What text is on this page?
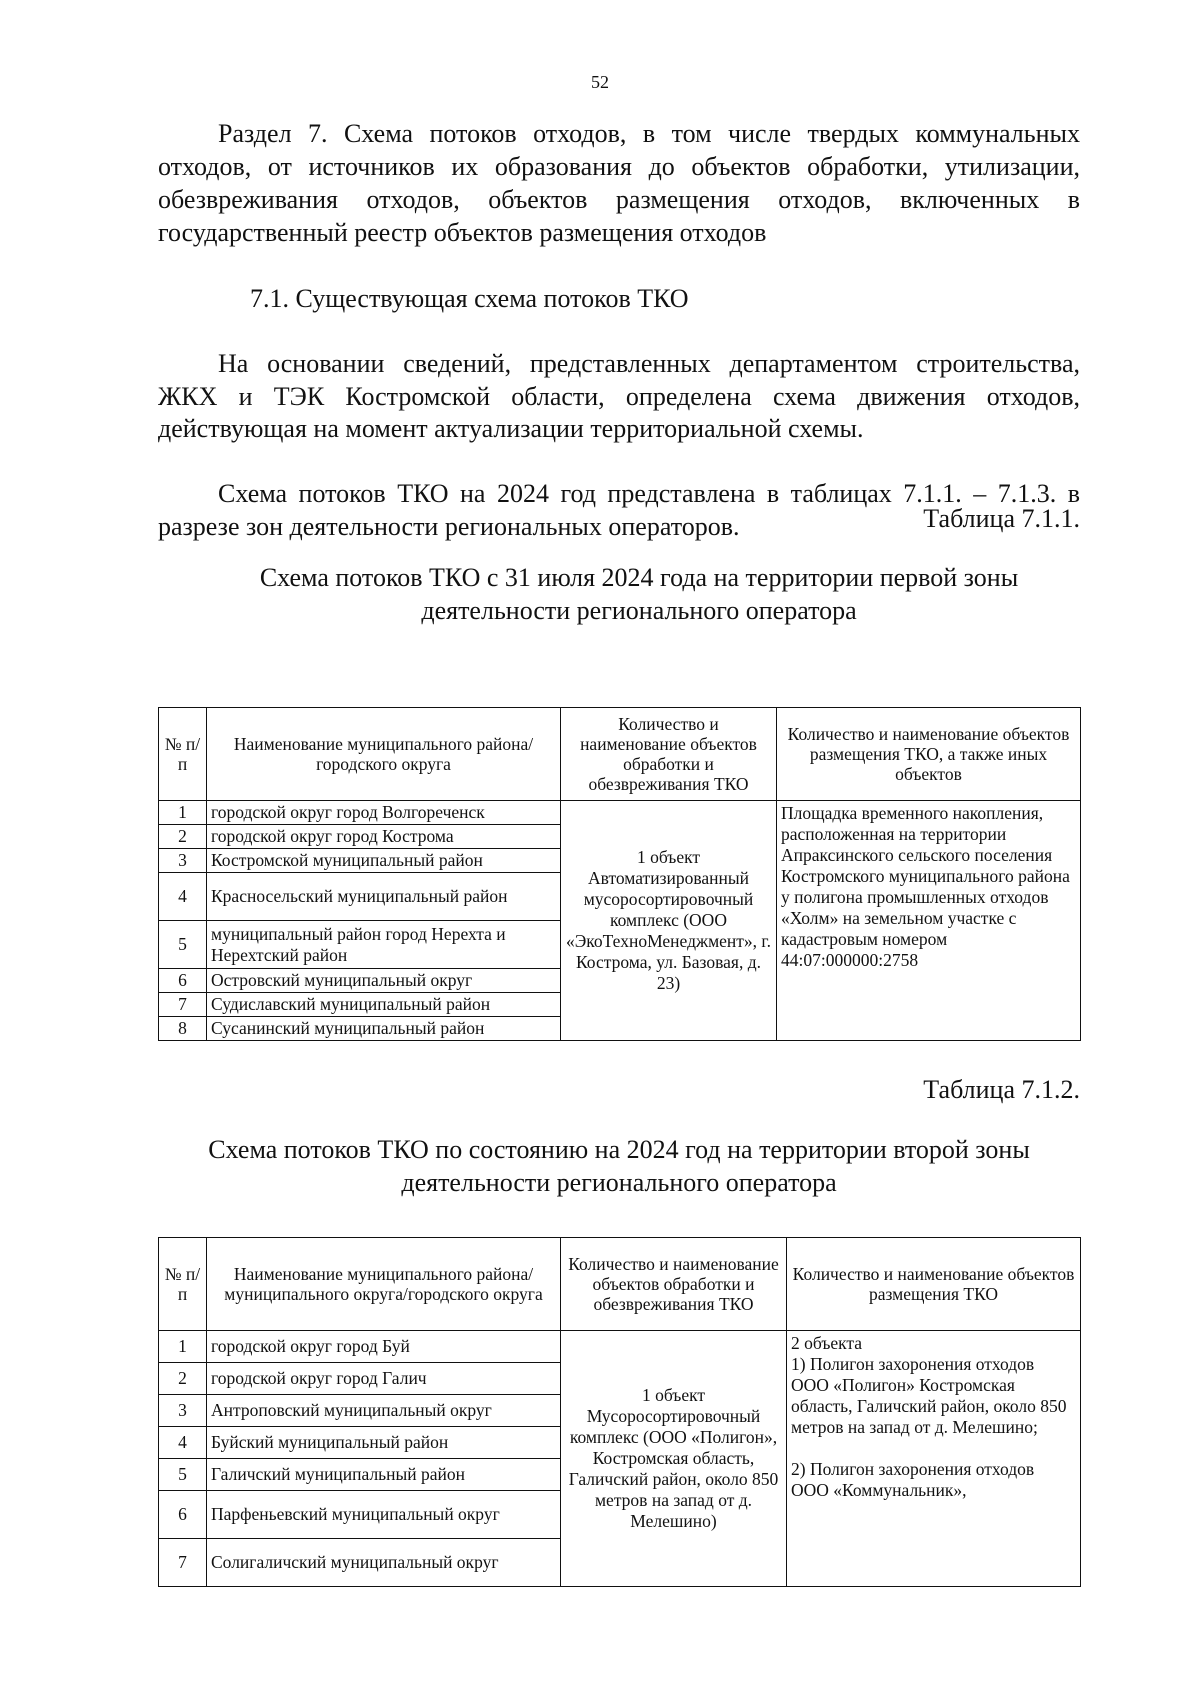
52
Раздел 7. Схема потоков отходов, в том числе твердых коммунальных отходов, от источников их образования до объектов обработки, утилизации, обезвреживания отходов, объектов размещения отходов, включенных в государственный реестр объектов размещения отходов
7.1. Существующая схема потоков ТКО

На основании сведений, представленных департаментом строительства, ЖКХ и ТЭК Костромской области, определена схема движения отходов, действующая на момент актуализации территориальной схемы.

Схема потоков ТКО на 2024 год представлена в таблицах 7.1.1. – 7.1.3. в разрезе зон деятельности региональных операторов.	Таблица 7.1.1.
Схема потоков ТКО с 31 июля 2024 года на территории первой зоны деятельности регионального оператора
№ п/п	Наименование муниципального района/ городского округа	Количество и наименование объектов обработки и обезвреживания ТКО	Количество и наименование объектов размещения ТКО, а также иных объектов
1	городской округ город Волгореченск	1 объект Автоматизированный мусоросортировочный комплекс (ООО «ЭкоТехноМенеджмент», г. Кострома, ул. Базовая, д. 23)	Площадка временного накопления, расположенная на территории Апраксинского сельского поселения Костромского муниципального района у полигона промышленных отходов «Холм» на земельном участке с кадастровым номером 44:07:000000:2758
2	городской округ город Кострома		
3	Костромской муниципальный район		
4	Красносельский муниципальный район		
5	муниципальный район город Нерехта и Нерехтский район		
6	Островский муниципальный округ		
7	Судиславский муниципальный район		
8	Сусанинский муниципальный район		
Таблица 7.1.2.
Схема потоков ТКО по состоянию на 2024 год на территории второй зоны деятельности регионального оператора
№ п/п	Наименование муниципального района/ муниципального округа/городского округа	Количество и наименование объектов обработки и обезвреживания ТКО	Количество и наименование объектов размещения ТКО
1	городской округ город Буй	1 объект Мусоросортировочный комплекс (ООО «Полигон», Костромская область, Галичский район, около 850 метров на запад от д. Мелешино)	2 объекта
1) Полигон захоронения отходов ООО «Полигон» Костромская область, Галичский район, около 850 метров на запад от д. Мелешино;

2) Полигон захоронения отходов ООО «Коммунальник»,
2	городской округ город Галич		
3	Антроповский муниципальный округ		
4	Буйский муниципальный район		
5	Галичский муниципальный район		
6	Парфеньевский муниципальный округ		
7	Солигаличский муниципальный округ		
